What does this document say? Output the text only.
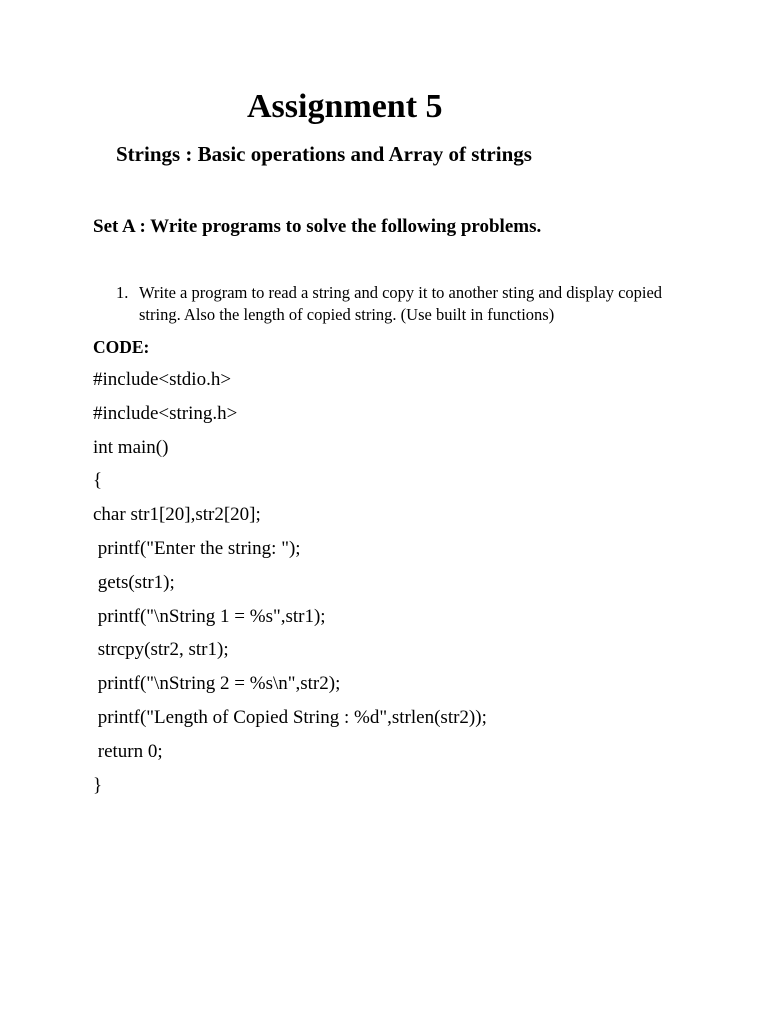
Assignment 5
Strings : Basic operations and Array of strings
Set A : Write programs to solve the following problems.
1. Write a program to read a string and copy it to another sting and display copied string. Also the length of copied string. (Use built in functions)
CODE:
#include<stdio.h>
#include<string.h>
int main()
{
char str1[20],str2[20];
printf("Enter the string: ");
gets(str1);
printf("\nString 1 = %s",str1);
strcpy(str2, str1);
printf("\nString 2 = %s\n",str2);
printf("Length of Copied String : %d",strlen(str2));
return 0;
}
